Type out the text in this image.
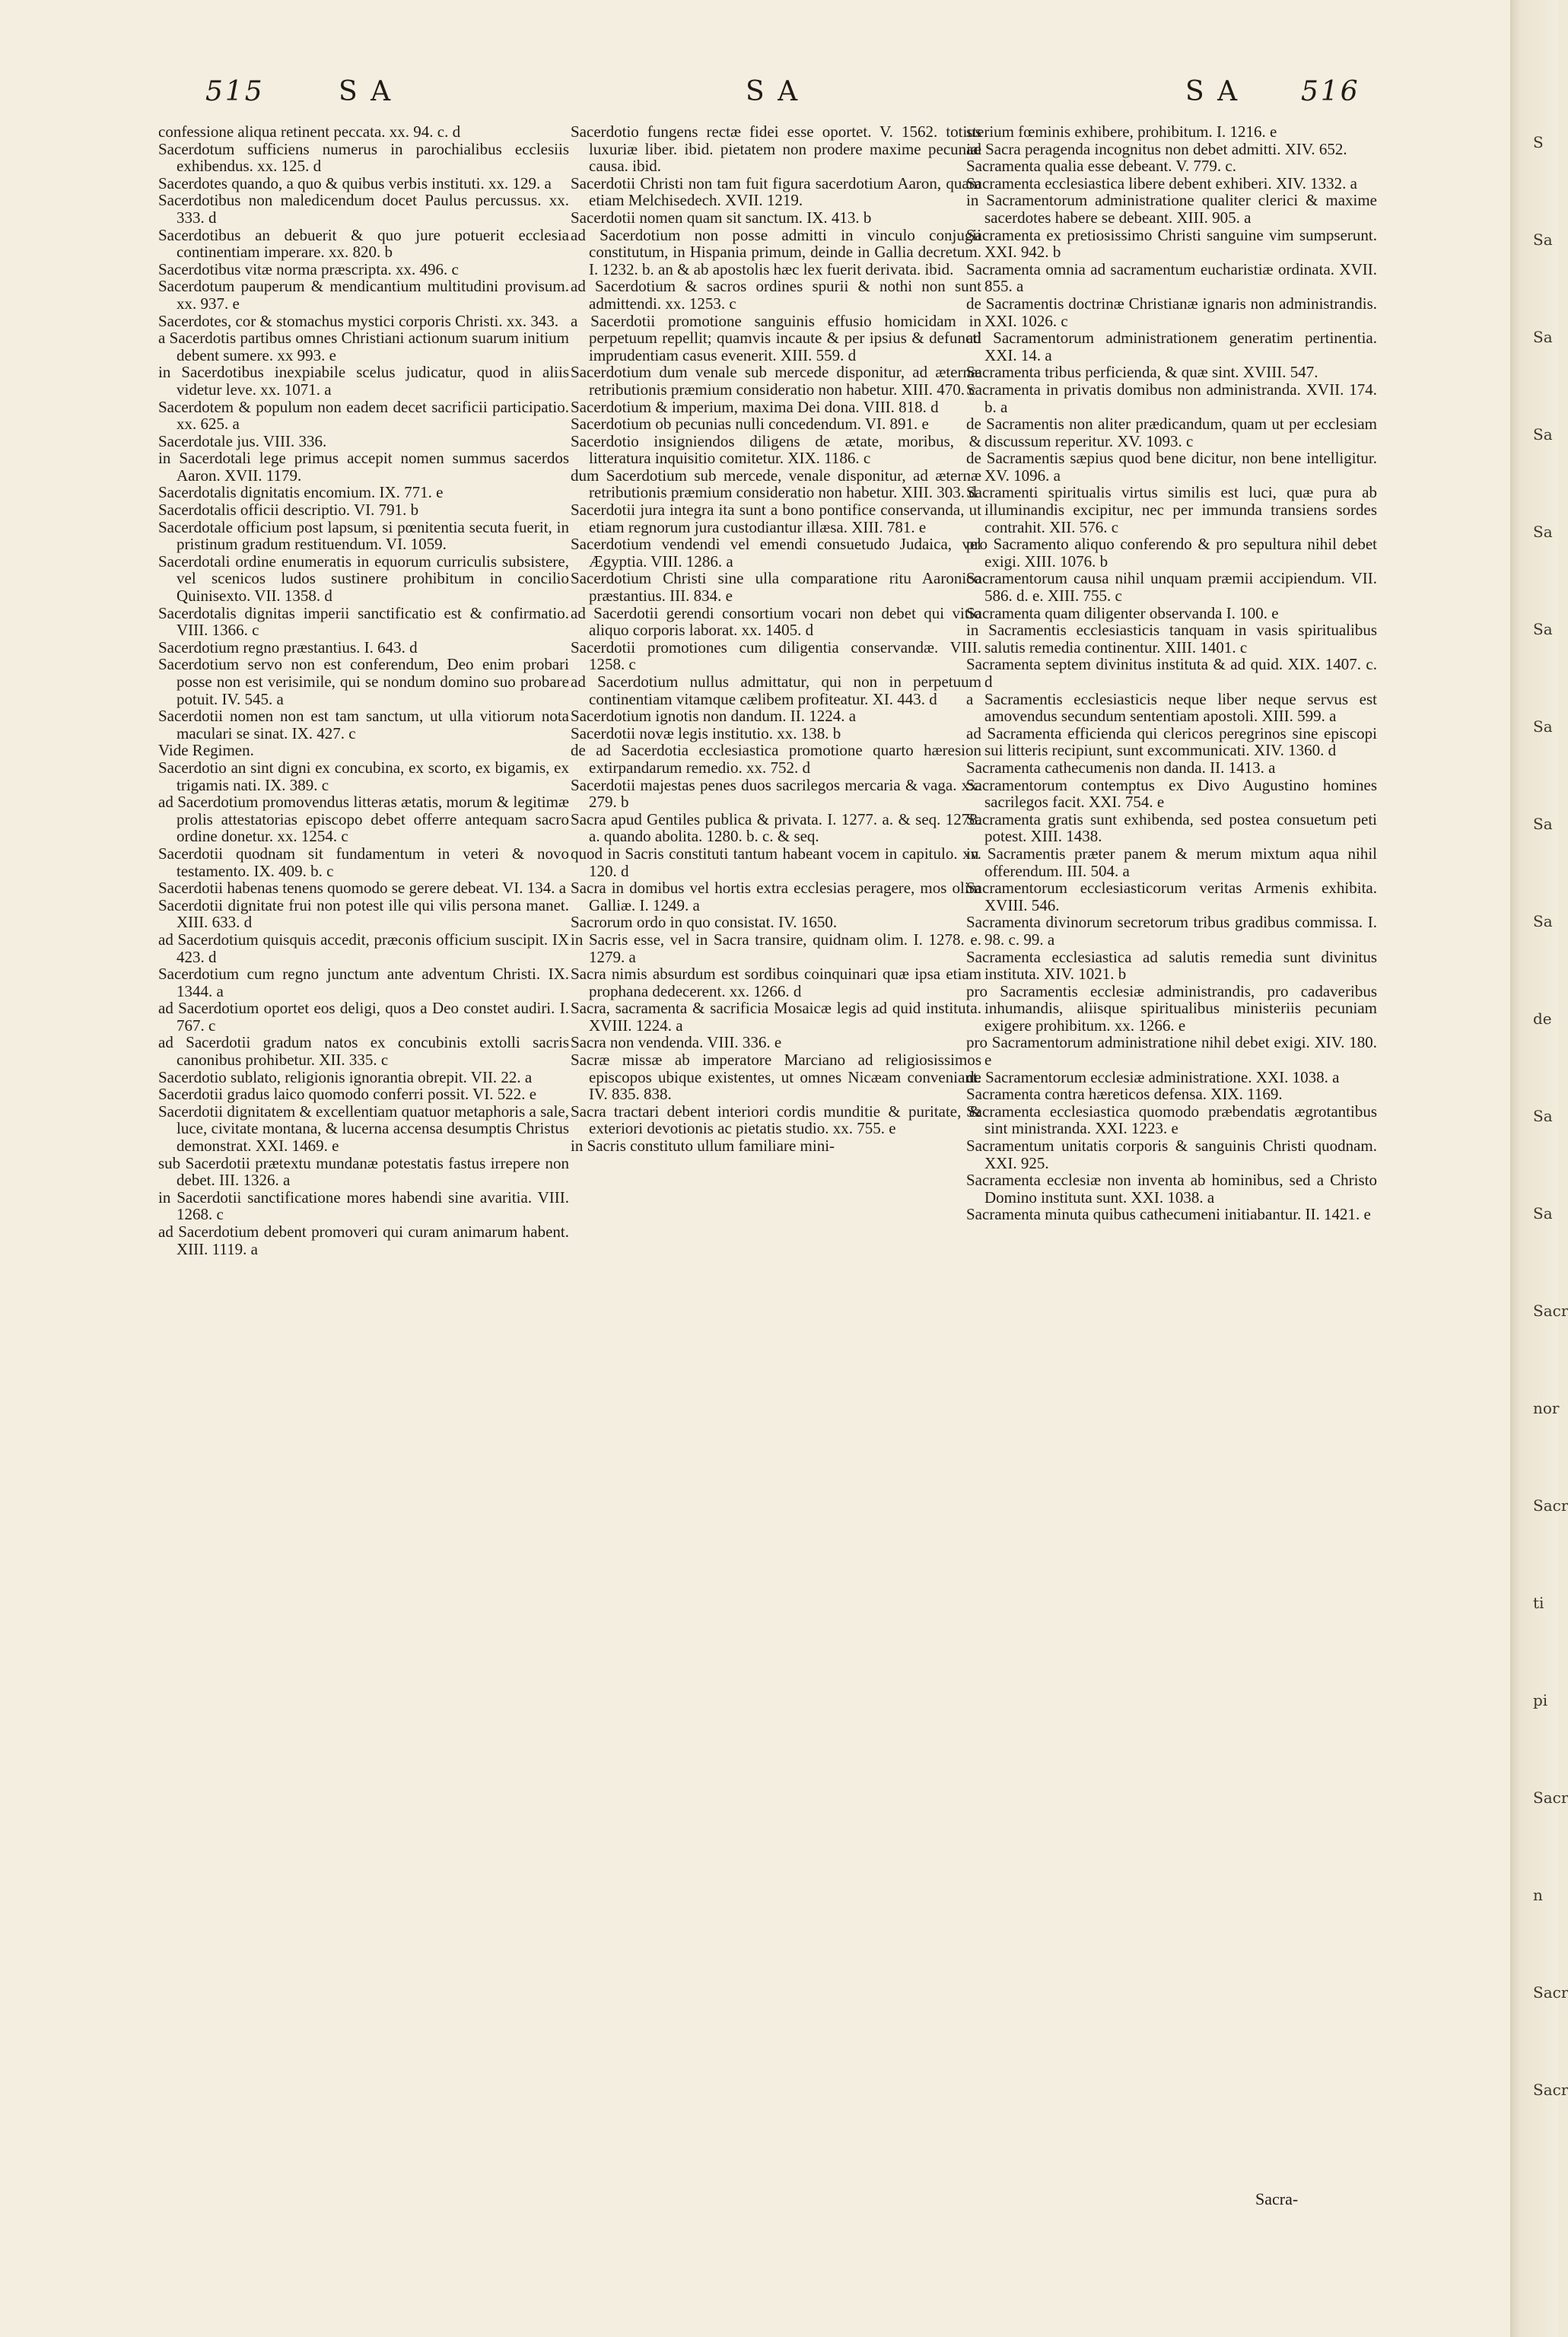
515	S A	S A	S A 516

confessione aliqua retinent peccata. xx. 94. c. d

Sacerdotum sufficiens numerus in parochialibus ecclesiis exhibendus. xx. 125. d

Sacerdotes quando, a quo & quibus verbis instituti. xx. 129. a

Sacerdotibus non maledicendum docet Paulus percussus. xx. 333. d

Sacerdotibus an debuerit & quo jure potuerit ecclesia continentiam imperare. xx. 820. b

Sacerdotibus vitæ norma præscripta. xx. 496. c

Sacerdotum pauperum & mendicantium multitudini provisum. xx. 937. e

Sacerdotes, cor & stomachus mystici corporis Christi. xx. 343.

a Sacerdotis partibus omnes Christiani actionum suarum initium debent sumere. xx 993. e

in Sacerdotibus inexpiabile scelus judicatur, quod in aliis videtur leve. xx. 1071. a

Sacerdotem & populum non eadem decet sacrificii participatio. xx. 625. a

Sacerdotale jus. VIII. 336.

in Sacerdotali lege primus accepit nomen summus sacerdos Aaron. XVII. 1179.

Sacerdotalis dignitatis encomium. IX. 771. e

Sacerdotalis officii descriptio. VI. 791. b

Sacerdotale officium post lapsum, si pœnitentia secuta fuerit, in pristinum gradum restituendum. VI. 1059.

Sacerdotali ordine enumeratis in equorum curriculis subsistere, vel scenicos ludos sustinere prohibitum in concilio Quinisexto. VII. 1358. d

Sacerdotalis dignitas imperii sanctificatio est & confirmatio. VIII. 1366. c

Sacerdotium regno præstantius. I. 643. d

Sacerdotium servo non est conferendum, Deo enim probari posse non est verisimile, qui se nondum domino suo probare potuit. IV. 545. a

Sacerdotii nomen non est tam sanctum, ut ulla vitiorum nota maculari se sinat. IX. 427. c

Vide Regimen.

Sacerdotio an sint digni ex concubina, ex scorto, ex bigamis, ex trigamis nati. IX. 389. c

ad Sacerdotium promovendus litteras ætatis, morum & legitimæ prolis attestatorias episcopo debet offerre antequam sacro ordine donetur. xx. 1254. c

Sacerdotii quodnam sit fundamentum in veteri & novo testamento. IX. 409. b. c

Sacerdotii habenas tenens quomodo se gerere debeat. VI. 134. a

Sacerdotii dignitate frui non potest ille qui vilis persona manet. XIII. 633. d

ad Sacerdotium quisquis accedit, præconis officium suscipit. IX 423. d

Sacerdotium cum regno junctum ante adventum Christi. IX. 1344. a

ad Sacerdotium oportet eos deligi, quos a Deo constet audiri. I. 767. c

ad Sacerdotii gradum natos ex concubinis extolli sacris canonibus prohibetur. XII. 335. c

Sacerdotio sublato, religionis ignorantia obrepit. VII. 22. a

Sacerdotii gradus laico quomodo conferri possit. VI. 522. e

Sacerdotii dignitatem & excellentiam quatuor metaphoris a sale, luce, civitate montana, & lucerna accensa desumptis Christus demonstrat. XXI. 1469. e

sub Sacerdotii prætextu mundanæ potestatis fastus irrepere non debet. III. 1326. a

in Sacerdotii sanctificatione mores habendi sine avaritia. VIII. 1268. c

ad Sacerdotium debent promoveri qui curam animarum habent. XIII. 1119. a

Sacerdotio fungens rectæ fidei esse oportet. V. 1562. totius luxuriæ liber. ibid. pietatem non prodere maxime pecuniæ causa. ibid.

Sacerdotii Christi non tam fuit figura sacerdotium Aaron, quam etiam Melchisedech. XVII. 1219.

Sacerdotii nomen quam sit sanctum. IX. 413. b

ad Sacerdotium non posse admitti in vinculo conjugii constitutum, in Hispania primum, deinde in Gallia decretum. I. 1232. b. an & ab apostolis hæc lex fuerit derivata. ibid.

ad Sacerdotium & sacros ordines spurii & nothi non sunt admittendi. xx. 1253. c

a Sacerdotii promotione sanguinis effusio homicidam in perpetuum repellit; quamvis incaute & per ipsius & defuncti imprudentiam casus evenerit. XIII. 559. d

Sacerdotium dum venale sub mercede disponitur, ad æternæ retributionis præmium consideratio non habetur. XIII. 470. c

Sacerdotium & imperium, maxima Dei dona. VIII. 818. d

Sacerdotium ob pecunias nulli concedendum. VI. 891. e

Sacerdotio insigniendos diligens de ætate, moribus, & litteratura inquisitio comitetur. XIX. 1186. c

dum Sacerdotium sub mercede, venale disponitur, ad æternæ retributionis præmium consideratio non habetur. XIII. 303. d

Sacerdotii jura integra ita sunt a bono pontifice conservanda, ut etiam regnorum jura custodiantur illæsa. XIII. 781. e

Sacerdotium vendendi vel emendi consuetudo Judaica, vel Ægyptia. VIII. 1286. a

Sacerdotium Christi sine ulla comparatione ritu Aaronico præstantius. III. 834. e

ad Sacerdotii gerendi consortium vocari non debet qui vitio aliquo corporis laborat. xx. 1405. d

Sacerdotii promotiones cum diligentia conservandæ. VIII. 1258. c

ad Sacerdotium nullus admittatur, qui non in perpetuum continentiam vitamque cælibem profiteatur. XI. 443. d

Sacerdotium ignotis non dandum. II. 1224. a

Sacerdotii novæ legis institutio. xx. 138. b

de ad Sacerdotia ecclesiastica promotione quarto hæresion extirpandarum remedio. xx. 752. d

Sacerdotii majestas penes duos sacrilegos mercaria & vaga. xx. 279. b

Sacra apud Gentiles publica & privata. I. 1277. a. & seq. 1278. a. quando abolita. 1280. b. c. & seq.

quod in Sacris constituti tantum habeant vocem in capitulo. xv. 120. d

Sacra in domibus vel hortis extra ecclesias peragere, mos olim Galliæ. I. 1249. a

Sacrorum ordo in quo consistat. IV. 1650.

in Sacris esse, vel in Sacra transire, quidnam olim. I. 1278. e. 1279. a

Sacra nimis absurdum est sordibus coinquinari quæ ipsa etiam prophana dedecerent. xx. 1266. d

Sacra, sacramenta & sacrificia Mosaicæ legis ad quid instituta. XVIII. 1224. a

Sacra non vendenda. VIII. 336. e

Sacræ missæ ab imperatore Marciano ad religiosissimos episcopos ubique existentes, ut omnes Nicæam conveniant. IV. 835. 838.

Sacra tractari debent interiori cordis munditie & puritate, & exteriori devotionis ac pietatis studio. xx. 755. e

in Sacris constituto ullum familiare mini-

sterium fœminis exhibere, prohibitum. I. 1216. e

ad Sacra peragenda incognitus non debet admitti. XIV. 652.

Sacramenta qualia esse debeant. V. 779. c.

Sacramenta ecclesiastica libere debent exhiberi. XIV. 1332. a

in Sacramentorum administratione qualiter clerici & maxime sacerdotes habere se debeant. XIII. 905. a

Sacramenta ex pretiosissimo Christi sanguine vim sumpserunt. XXI. 942. b

Sacramenta omnia ad sacramentum eucharistiæ ordinata. XVII. 855. a

de Sacramentis doctrinæ Christianæ ignaris non administrandis. XXI. 1026. c

ad Sacramentorum administrationem generatim pertinentia. XXI. 14. a

Sacramenta tribus perficienda, & quæ sint. XVIII. 547.

Sacramenta in privatis domibus non administranda. XVII. 174. b. a

de Sacramentis non aliter prædicandum, quam ut per ecclesiam discussum reperitur. XV. 1093. c

de Sacramentis sæpius quod bene dicitur, non bene intelligitur. XV. 1096. a

Sacramenti spiritualis virtus similis est luci, quæ pura ab illuminandis excipitur, nec per immunda transiens sordes contrahit. XII. 576. c

pro Sacramento aliquo conferendo & pro sepultura nihil debet exigi. XIII. 1076. b

Sacramentorum causa nihil unquam præmii accipiendum. VII. 586. d. e. XIII. 755. c

Sacramenta quam diligenter observanda I. 100. e

in Sacramentis ecclesiasticis tanquam in vasis spiritualibus salutis remedia continentur. XIII. 1401. c

Sacramenta septem divinitus instituta & ad quid. XIX. 1407. c. d

a Sacramentis ecclesiasticis neque liber neque servus est amovendus secundum sententiam apostoli. XIII. 599. a

ad Sacramenta efficienda qui clericos peregrinos sine episcopi sui litteris recipiunt, sunt excommunicati. XIV. 1360. d

Sacramenta cathecumenis non danda. II. 1413. a

Sacramentorum contemptus ex Divo Augustino homines sacrilegos facit. XXI. 754. e

Sacramenta gratis sunt exhibenda, sed postea consuetum peti potest. XIII. 1438.

in Sacramentis præter panem & merum mixtum aqua nihil offerendum. III. 504. a

Sacramentorum ecclesiasticorum veritas Armenis exhibita. XVIII. 546.

Sacramenta divinorum secretorum tribus gradibus commissa. I. 98. c. 99. a

Sacramenta ecclesiastica ad salutis remedia sunt divinitus instituta. XIV. 1021. b

pro Sacramentis ecclesiæ administrandis, pro cadaveribus inhumandis, aliisque spiritualibus ministeriis pecuniam exigere prohibitum. xx. 1266. e

pro Sacramentorum administratione nihil debet exigi. XIV. 180. e

de Sacramentorum ecclesiæ administratione. XXI. 1038. a

Sacramenta contra hæreticos defensa. XIX. 1169.

Sacramenta ecclesiastica quomodo præbendatis ægrotantibus sint ministranda. XXI. 1223. e

Sacramentum unitatis corporis & sanguinis Christi quodnam. XXI. 925.

Sacramenta ecclesiæ non inventa ab hominibus, sed a Christo Domino instituta sunt. XXI. 1038. a

Sacramenta minuta quibus cathecumeni initiabantur. II. 1421. e

Sacra-
S
Sa
Sa
Sa
Sa
Sa
Sa
Sa
Sa
de
Sa
Sa
Sacr
nor
Sacr
ti
pi
Sacr
n
Sacr
Sacr
